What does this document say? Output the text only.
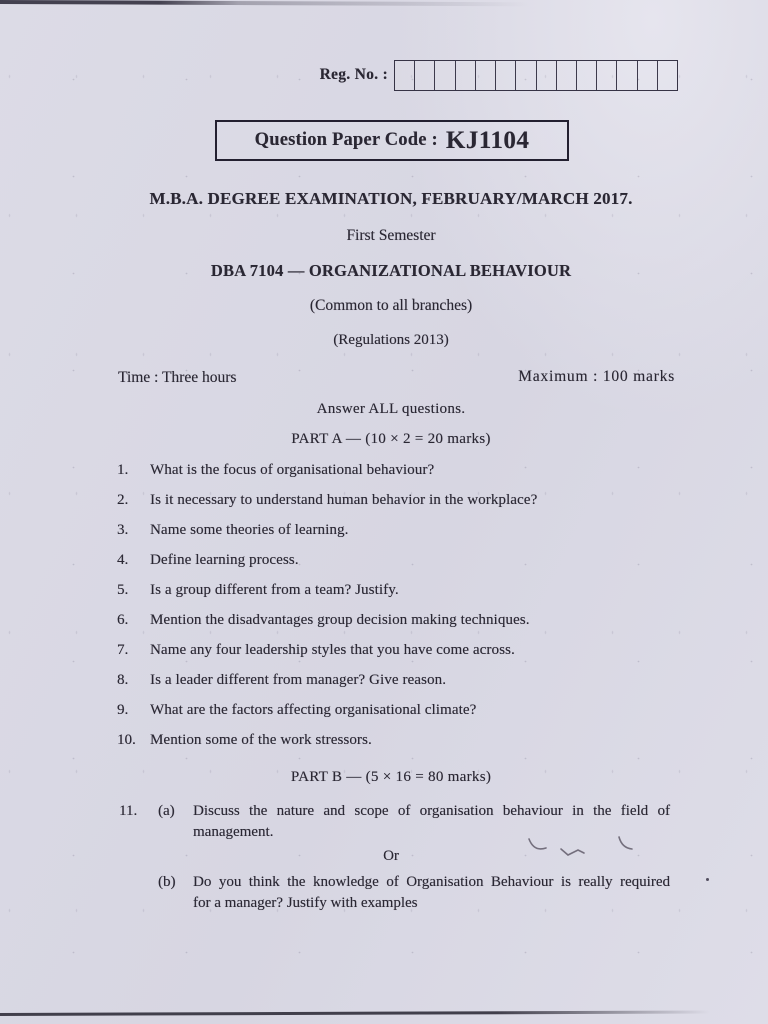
Reg. No. :
Question Paper Code : KJ1104
M.B.A. DEGREE EXAMINATION, FEBRUARY/MARCH 2017.
First Semester
DBA 7104 — ORGANIZATIONAL BEHAVIOUR
(Common to all branches)
(Regulations 2013)
Time : Three hours	Maximum : 100 marks
Answer ALL questions.
PART A — (10 × 2 = 20 marks)
1.	What is the focus of organisational behaviour?
2.	Is it necessary to understand human behavior in the workplace?
3.	Name some theories of learning.
4.	Define learning process.
5.	Is a group different from a team? Justify.
6.	Mention the disadvantages group decision making techniques.
7.	Name any four leadership styles that you have come across.
8.	Is a leader different from manager? Give reason.
9.	What are the factors affecting organisational climate?
10. Mention some of the work stressors.
PART B — (5 × 16 = 80 marks)
11.	(a)	Discuss the nature and scope of organisation behaviour in the field of
management.
Or
(b)	Do you think the knowledge of Organisation Behaviour is really required
for a manager? Justify with examples
